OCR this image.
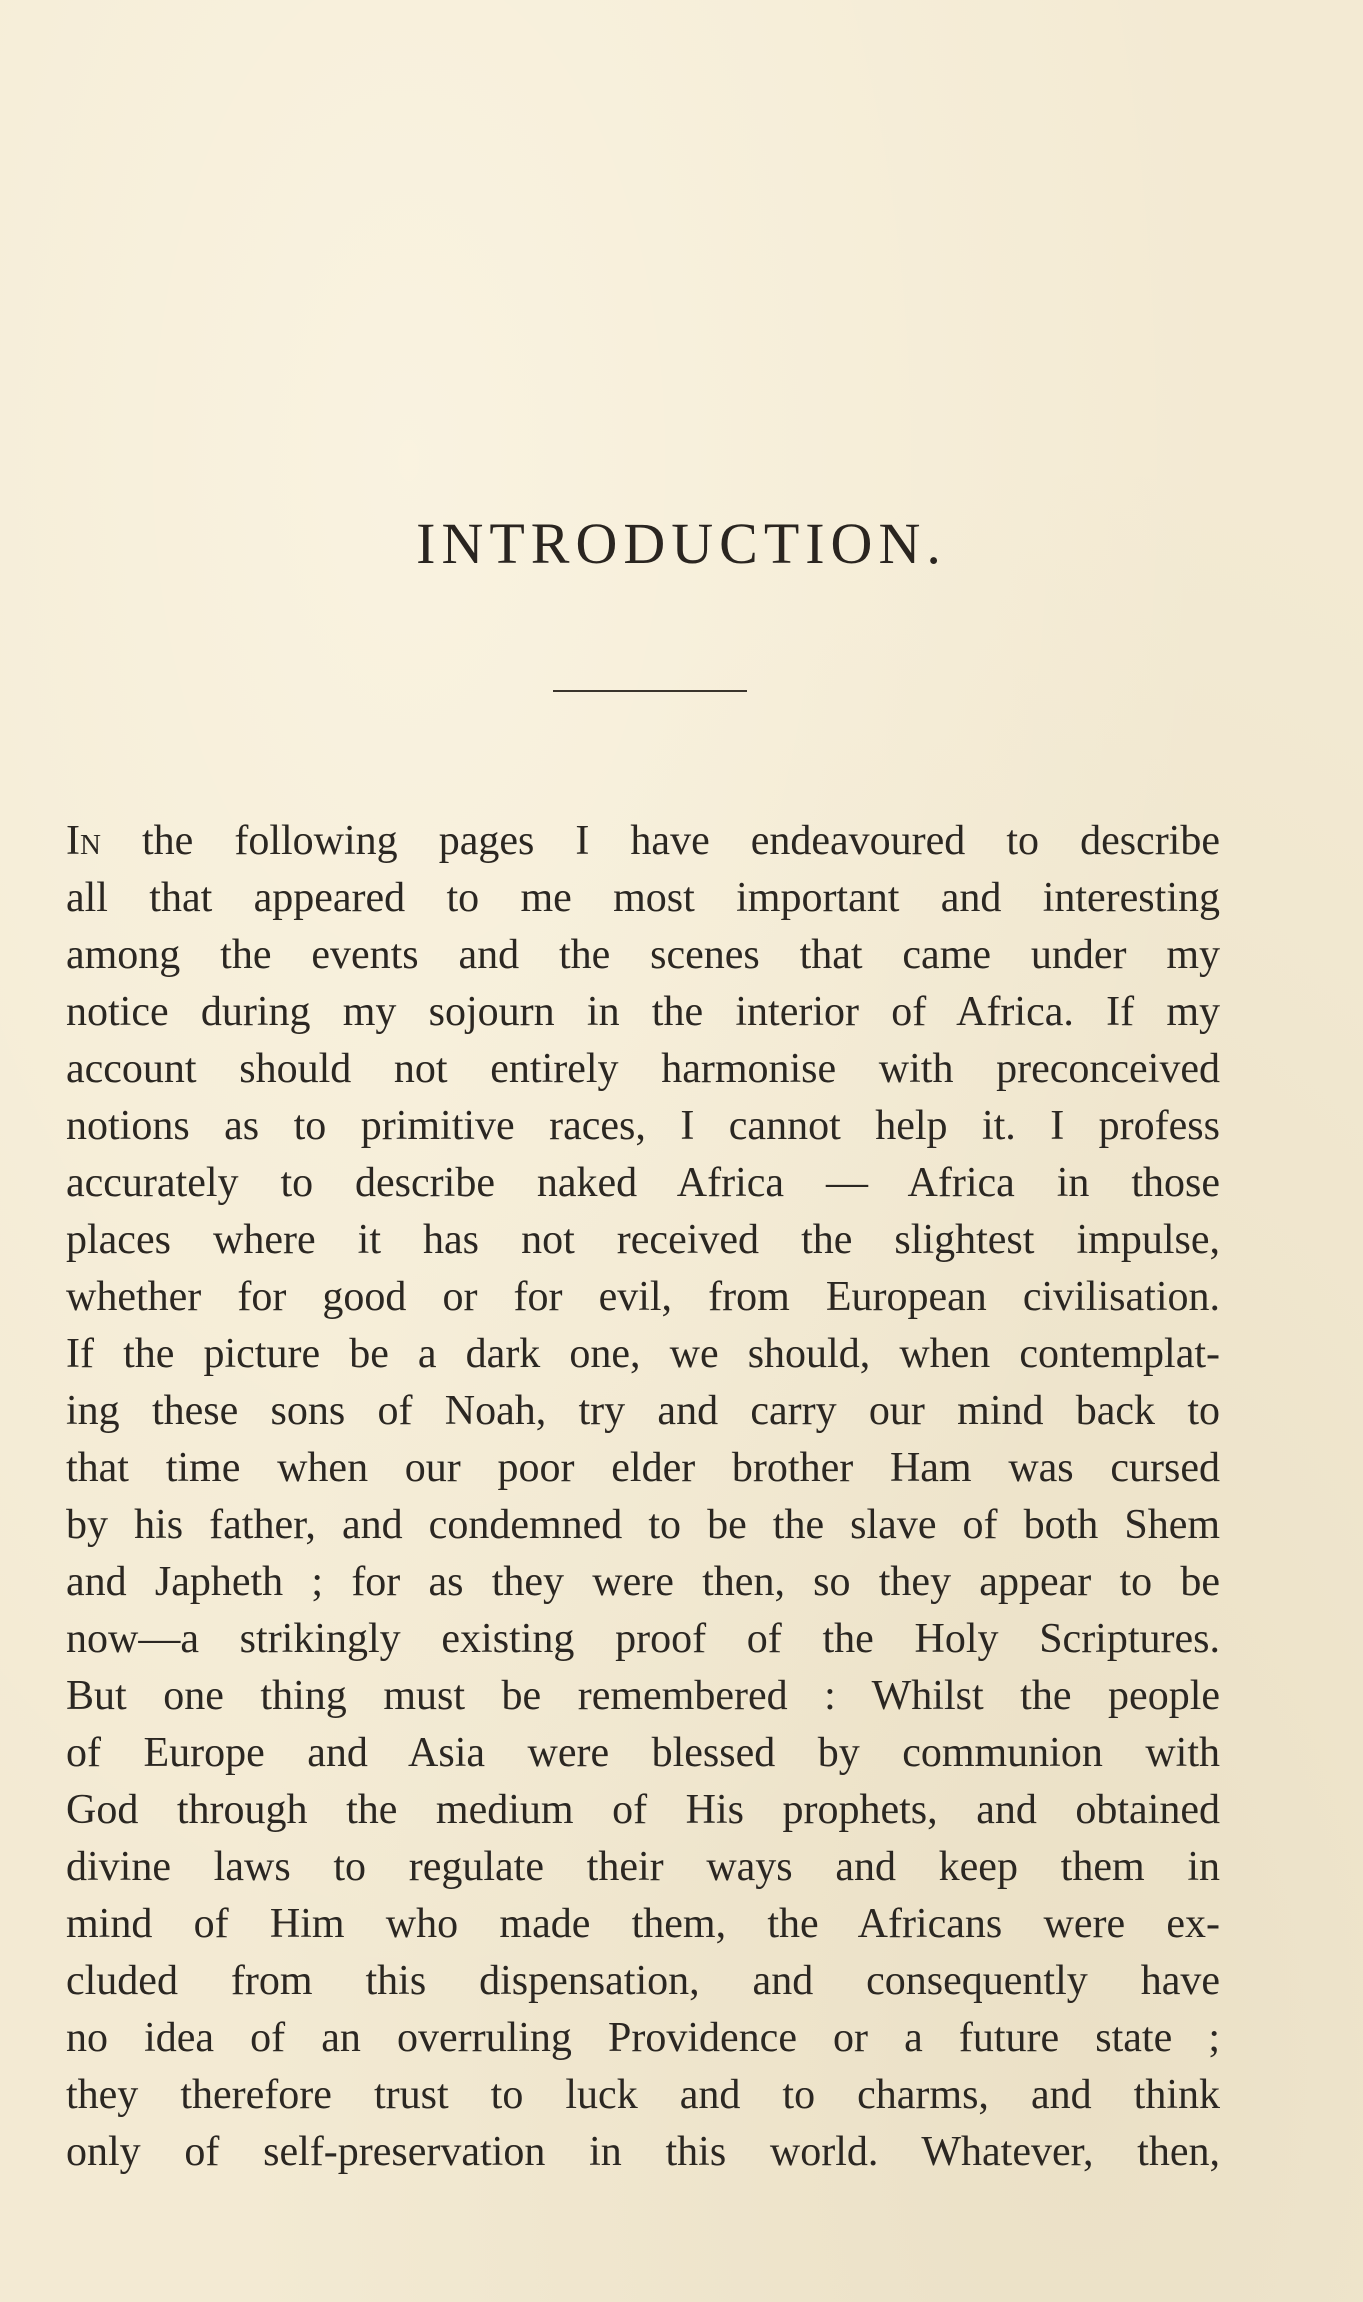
INTRODUCTION.
In the following pages I have endeavoured to describe
all that appeared to me most important and interesting
among the events and the scenes that came under my
notice during my sojourn in the interior of Africa. If my
account should not entirely harmonise with preconceived
notions as to primitive races, I cannot help it. I profess
accurately to describe naked Africa — Africa in those
places where it has not received the slightest impulse,
whether for good or for evil, from European civilisation.
If the picture be a dark one, we should, when contemplat-
ing these sons of Noah, try and carry our mind back to
that time when our poor elder brother Ham was cursed
by his father, and condemned to be the slave of both Shem
and Japheth ; for as they were then, so they appear to be
now—a strikingly existing proof of the Holy Scriptures.
But one thing must be remembered : Whilst the people
of Europe and Asia were blessed by communion with
God through the medium of His prophets, and obtained
divine laws to regulate their ways and keep them in
mind of Him who made them, the Africans were ex-
cluded from this dispensation, and consequently have
no idea of an overruling Providence or a future state ;
they therefore trust to luck and to charms, and think
only of self-preservation in this world. Whatever, then,
